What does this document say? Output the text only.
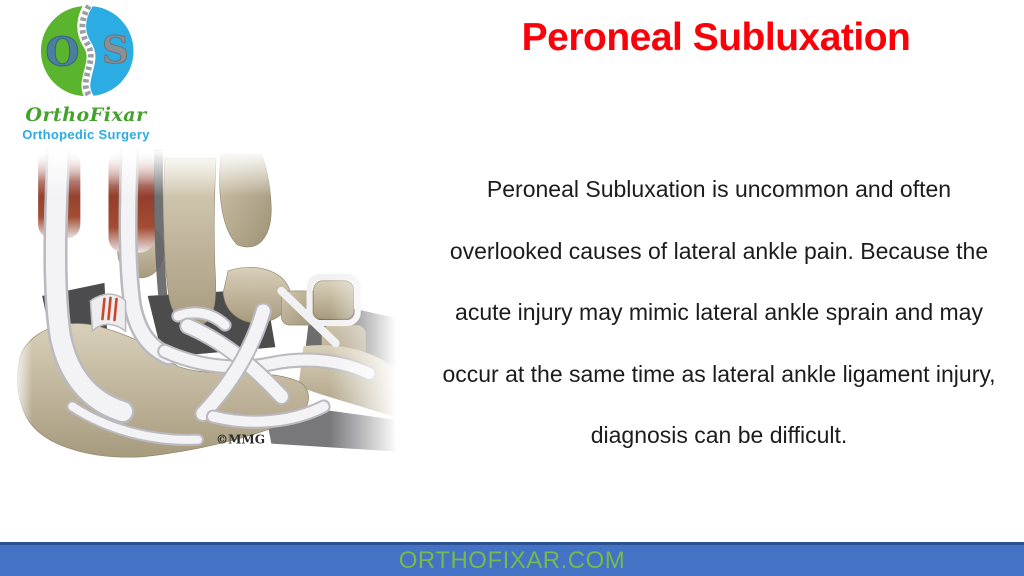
O S
OrthoFixar
Orthopedic Surgery
Peroneal Subluxation
Peroneal Subluxation is uncommon and often
overlooked causes of lateral ankle pain. Because the
acute injury may mimic lateral ankle sprain and may
occur at the same time as lateral ankle ligament injury,
diagnosis can be difficult.
©MMG
ORTHOFIXAR.COM
